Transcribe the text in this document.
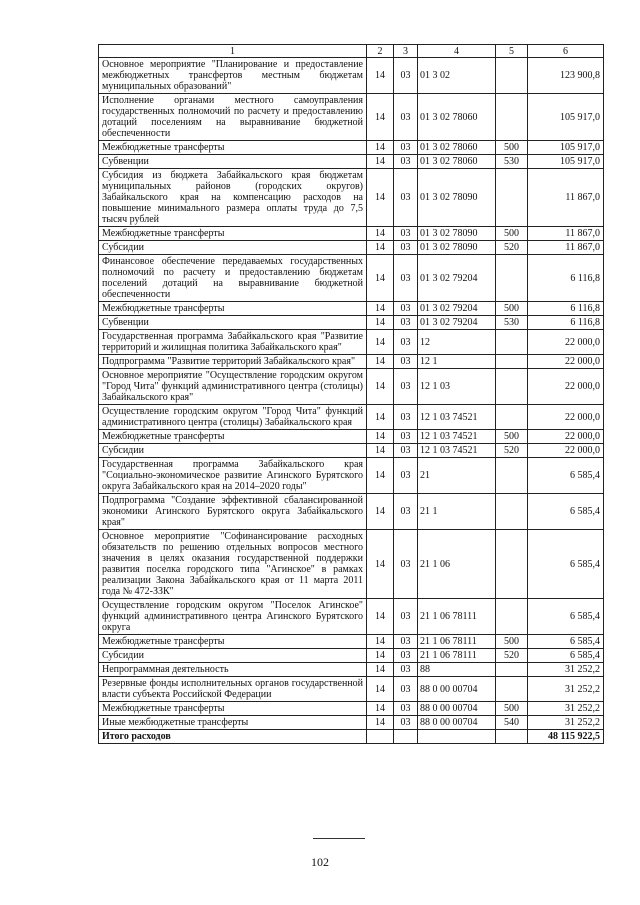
1	2	3	4	5	6
Основное мероприятие "Планирование и предоставление межбюджетных трансфертов местным бюджетам муниципальных образований"	14	03	01 3 02		123 900,8
Исполнение органами местного самоуправления государственных полномочий по расчету и предоставлению дотаций поселениям на выравнивание бюджетной обеспеченности	14	03	01 3 02 78060		105 917,0
Межбюджетные трансферты	14	03	01 3 02 78060	500	105 917,0
Субвенции	14	03	01 3 02 78060	530	105 917,0
Субсидия из бюджета Забайкальского края бюджетам муниципальных районов (городских округов) Забайкальского края на компенсацию расходов на повышение минимального размера оплаты труда до 7,5 тысяч рублей	14	03	01 3 02 78090		11 867,0
Межбюджетные трансферты	14	03	01 3 02 78090	500	11 867,0
Субсидии	14	03	01 3 02 78090	520	11 867,0
Финансовое обеспечение передаваемых государственных полномочий по расчету и предоставлению бюджетам поселений дотаций на выравнивание бюджетной обеспеченности	14	03	01 3 02 79204		6 116,8
Межбюджетные трансферты	14	03	01 3 02 79204	500	6 116,8
Субвенции	14	03	01 3 02 79204	530	6 116,8
Государственная программа Забайкальского края "Развитие территорий и жилищная политика Забайкальского края"	14	03	12		22 000,0
Подпрограмма "Развитие территорий Забайкальского края"	14	03	12 1		22 000,0
Основное мероприятие "Осуществление городским округом "Город Чита" функций административного центра (столицы) Забайкальского края"	14	03	12 1 03		22 000,0
Осуществление городским округом "Город Чита" функций административного центра (столицы) Забайкальского края	14	03	12 1 03 74521		22 000,0
Межбюджетные трансферты	14	03	12 1 03 74521	500	22 000,0
Субсидии	14	03	12 1 03 74521	520	22 000,0
Государственная программа Забайкальского края "Социально-экономическое развитие Агинского Бурятского округа Забайкальского края на 2014–2020 годы"	14	03	21		6 585,4
Подпрограмма "Создание эффективной сбалансированной экономики Агинского Бурятского округа Забайкальского края"	14	03	21 1		6 585,4
Основное мероприятие "Софинансирование расходных обязательств по решению отдельных вопросов местного значения в целях оказания государственной поддержки развития поселка городского типа "Агинское" в рамках реализации Закона Забайкальского края от 11 марта 2011 года № 472-ЗЗК"	14	03	21 1 06		6 585,4
Осуществление городским округом "Поселок Агинское" функций административного центра Агинского Бурятского округа	14	03	21 1 06 78111		6 585,4
Межбюджетные трансферты	14	03	21 1 06 78111	500	6 585,4
Субсидии	14	03	21 1 06 78111	520	6 585,4
Непрограммная деятельность	14	03	88		31 252,2
Резервные фонды исполнительных органов государственной власти субъекта Российской Федерации	14	03	88 0 00 00704		31 252,2
Межбюджетные трансферты	14	03	88 0 00 00704	500	31 252,2
Иные межбюджетные трансферты	14	03	88 0 00 00704	540	31 252,2
Итого расходов					48 115 922,5
102
